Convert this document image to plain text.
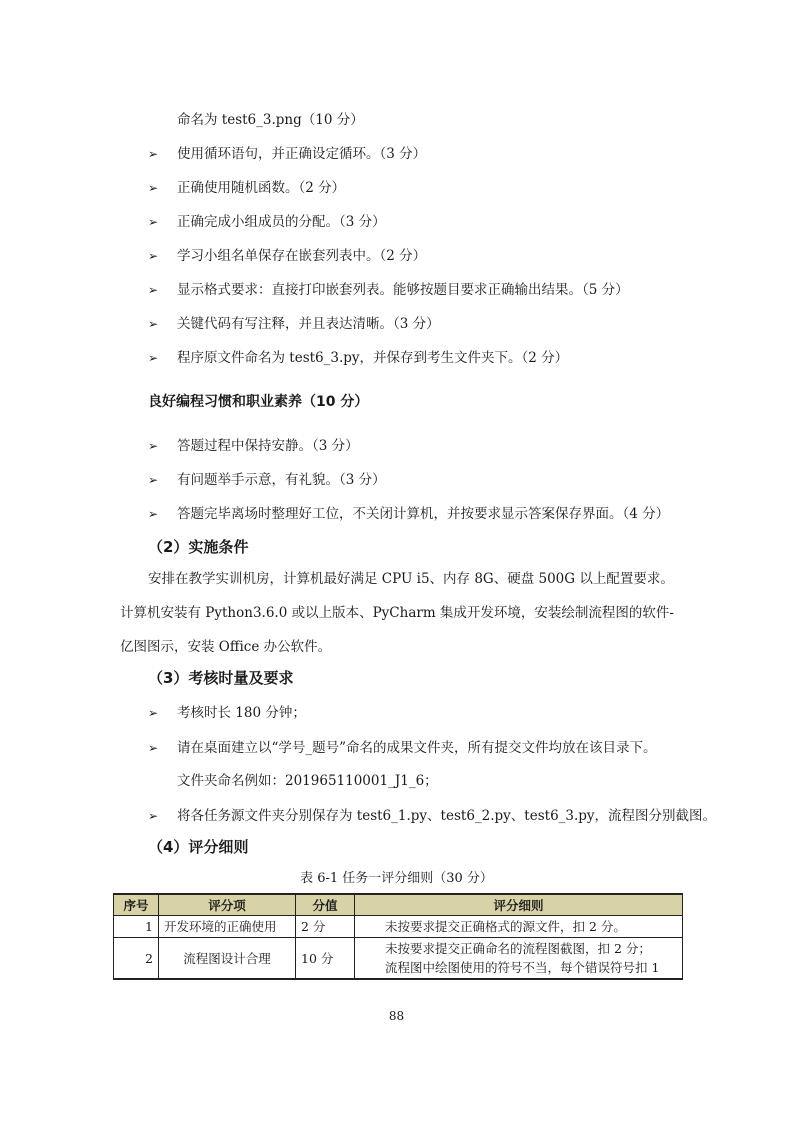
命名为 test6_3.png（10 分）
➢ 使用循环语句，并正确设定循环。（3 分）
➢ 正确使用随机函数。（2 分）
➢ 正确完成小组成员的分配。（3 分）
➢ 学习小组名单保存在嵌套列表中。（2 分）
➢ 显示格式要求：直接打印嵌套列表。能够按题目要求正确输出结果。（5 分）
➢ 关键代码有写注释，并且表达清晰。（3 分）
➢ 程序原文件命名为 test6_3.py，并保存到考生文件夹下。（2 分）
良好编程习惯和职业素养（10 分）
➢ 答题过程中保持安静。（3 分）
➢ 有问题举手示意，有礼貌。（3 分）
➢ 答题完毕离场时整理好工位，不关闭计算机，并按要求显示答案保存界面。（4 分）
（2）实施条件
安排在教学实训机房，计算机最好满足 CPU i5、内存 8G、硬盘 500G 以上配置要求。
计算机安装有 Python3.6.0 或以上版本、PyCharm 集成开发环境，安装绘制流程图的软件-
亿图图示，安装 Office 办公软件。
（3）考核时量及要求
➢ 考核时长 180 分钟；
➢ 请在桌面建立以“学号_题号”命名的成果文件夹，所有提交文件均放在该目录下。
文件夹命名例如：201965110001_J1_6；
➢ 将各任务源文件夹分别保存为 test6_1.py、test6_2.py、test6_3.py，流程图分别截图。
（4）评分细则
表 6-1 任务一评分细则（30 分）
序号	评分项	分值	评分细则
1	开发环境的正确使用	2 分	未按要求提交正确格式的源文件，扣 2 分。

2	流程图设计合理	10 分	未按要求提交正确命名的流程图截图，扣 2 分；
流程图中绘图使用的符号不当，每个错误符号扣 1
88
